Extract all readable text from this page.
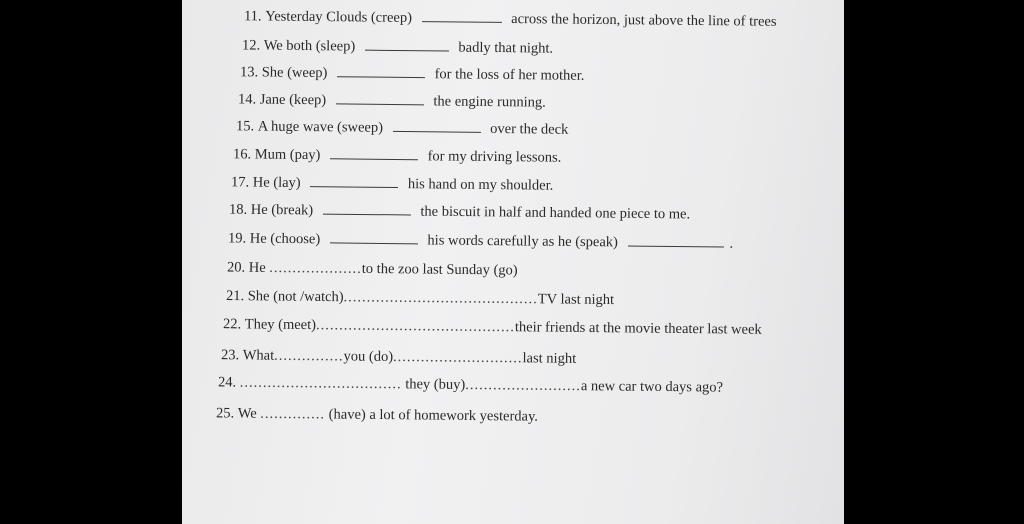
11. Yesterday Clouds (creep)	across the horizon, just above the line of trees
12. We both (sleep)	badly that night.
13. She (weep)	for the loss of her mother.
14. Jane (keep)	the engine running.
15. A huge wave (sweep)	over the deck
16. Mum (pay)	for my driving lessons.
17. He (lay)	his hand on my shoulder.
18. He (break)	the biscuit in half and handed one piece to me.
19. He (choose)	his words carefully as he (speak)	.
20. He ....................to the zoo last Sunday (go)
21. She (not /watch)..........................................TV last night
22. They (meet)...........................................their friends at the movie theater last week
23. What...............you (do)............................last night
24. ................................... they (buy).........................a new car two days ago?
25. We .............. (have) a lot of homework yesterday.
